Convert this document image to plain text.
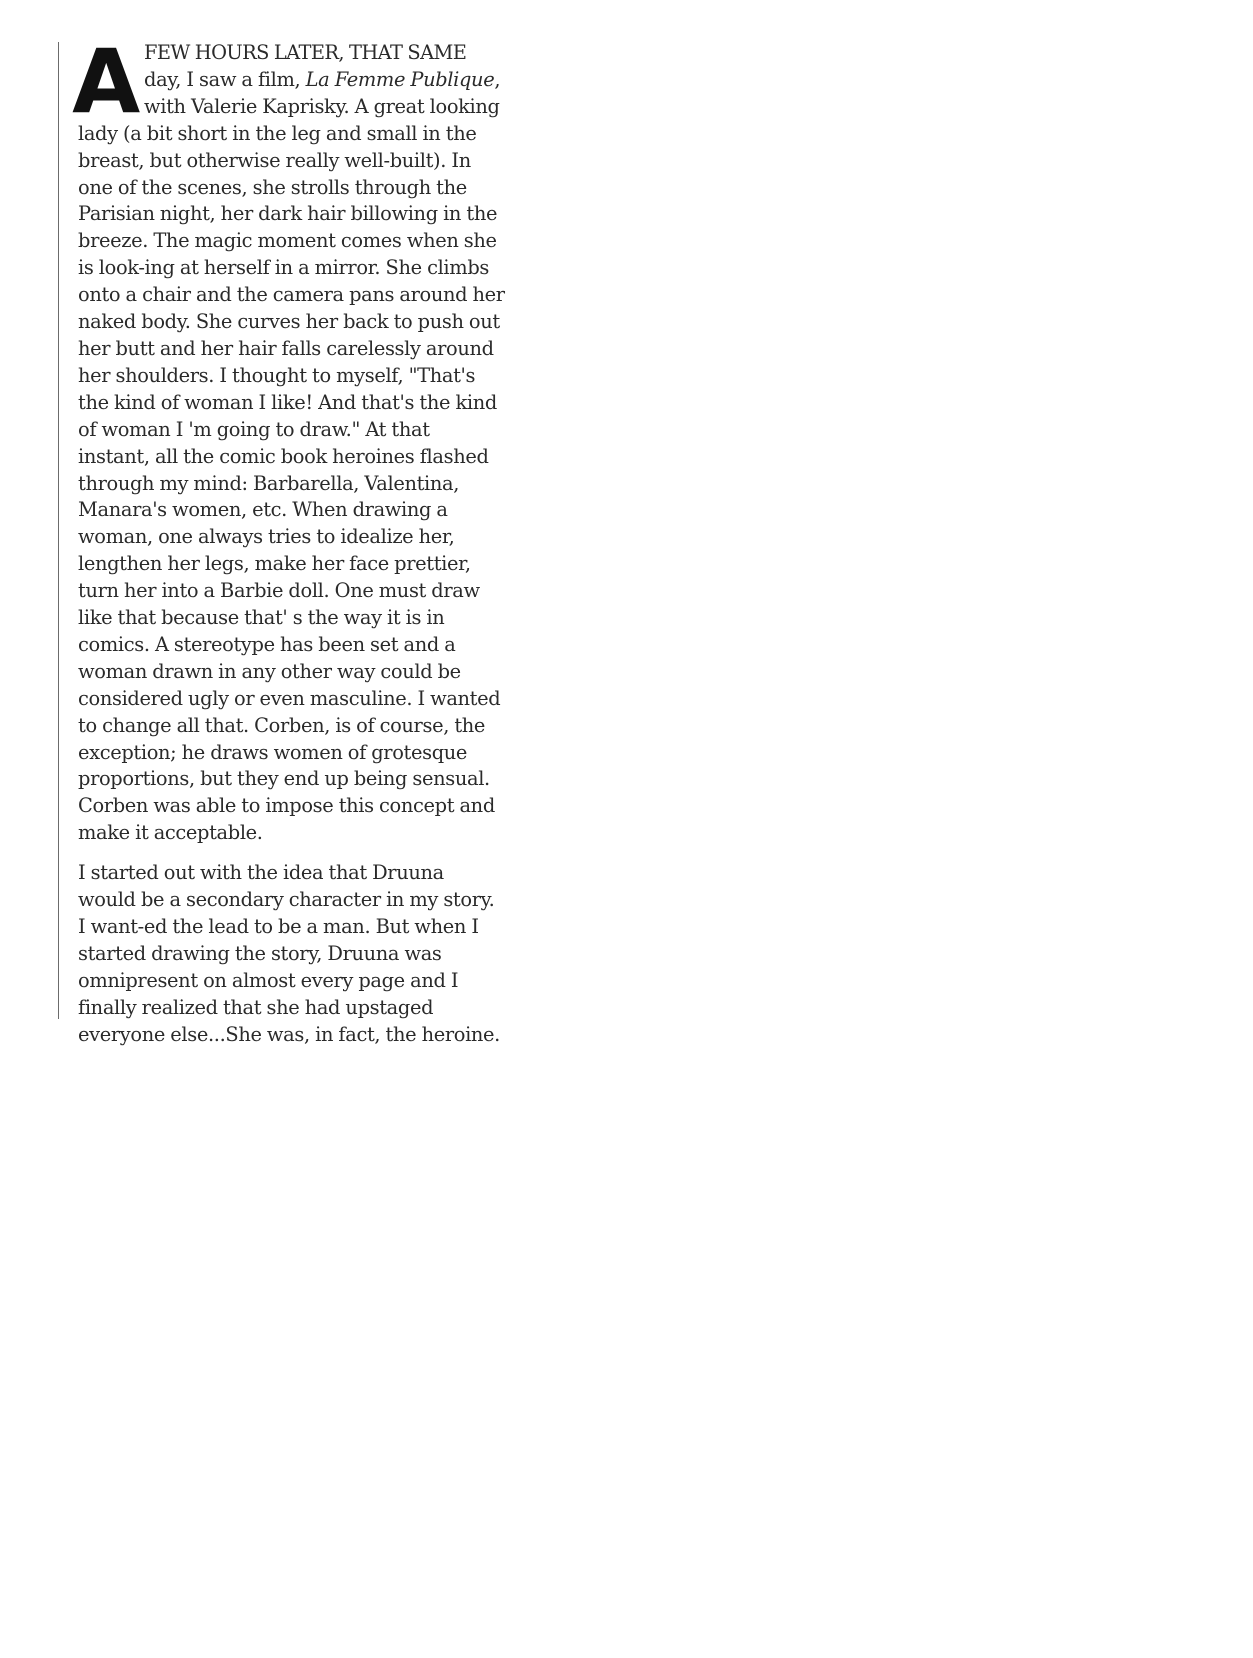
A FEW HOURS LATER, THAT SAME day, I saw a film, La Femme Publique, with Valerie Kaprisky. A great looking lady (a bit short in the leg and small in the breast, but otherwise really well-built). In one of the scenes, she strolls through the Parisian night, her dark hair billowing in the breeze. The magic moment comes when she is look-ing at herself in a mirror. She climbs onto a chair and the camera pans around her naked body. She curves her back to push out her butt and her hair falls carelessly around her shoulders. I thought to myself, "That's the kind of woman I like! And that's the kind of woman I 'm going to draw." At that instant, all the comic book heroines flashed through my mind: Barbarella, Valentina, Manara's women, etc. When drawing a woman, one always tries to idealize her, lengthen her legs, make her face prettier, turn her into a Barbie doll. One must draw like that because that' s the way it is in comics. A stereotype has been set and a woman drawn in any other way could be considered ugly or even masculine. I wanted to change all that. Corben, is of course, the exception; he draws women of grotesque proportions, but they end up being sensual. Corben was able to impose this concept and make it acceptable.

I started out with the idea that Druuna would be a secondary character in my story. I want-ed the lead to be a man. But when I started drawing the story, Druuna was omnipresent on almost every page and I finally realized that she had upstaged everyone else...She was, in fact, the heroine.
